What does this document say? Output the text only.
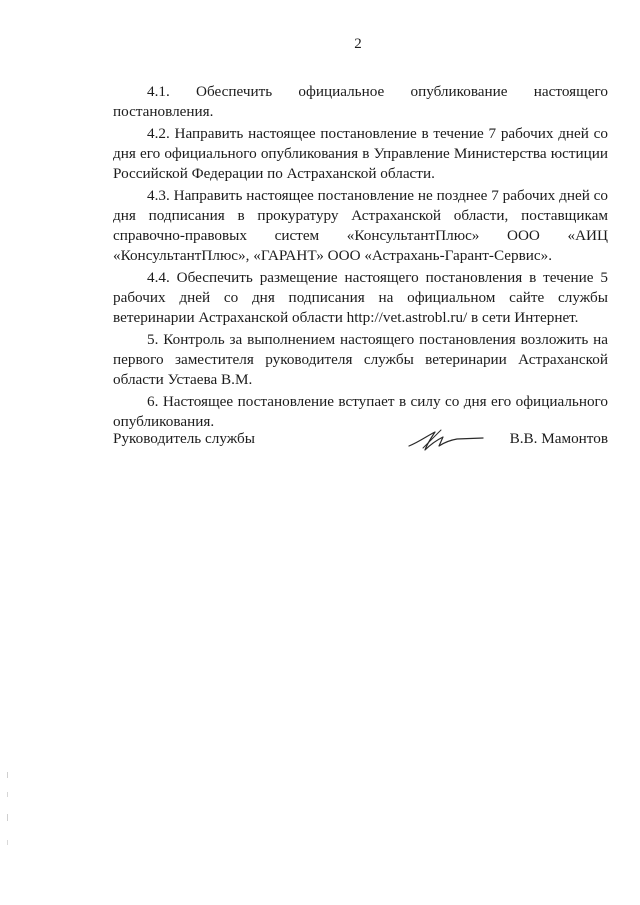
2

4.1. Обеспечить официальное опубликование настоящего постановления.

4.2. Направить настоящее постановление в течение 7 рабочих дней со дня его официального опубликования в Управление Министерства юстиции Российской Федерации по Астраханской области.

4.3. Направить настоящее постановление не позднее 7 рабочих дней со дня подписания в прокуратуру Астраханской области, поставщикам справочно-правовых систем «КонсультантПлюс» ООО «АИЦ «КонсультантПлюс», «ГАРАНТ» ООО «Астрахань-Гарант-Сервис».

4.4. Обеспечить размещение настоящего постановления в течение 5 рабочих дней со дня подписания на официальном сайте службы ветеринарии Астраханской области http://vet.astrobl.ru/ в сети Интернет.

5. Контроль за выполнением настоящего постановления возложить на первого заместителя руководителя службы ветеринарии Астраханской области Устаева В.М.

6. Настоящее постановление вступает в силу со дня его официального опубликования.

Руководитель службы	В.В. Мамонтов
